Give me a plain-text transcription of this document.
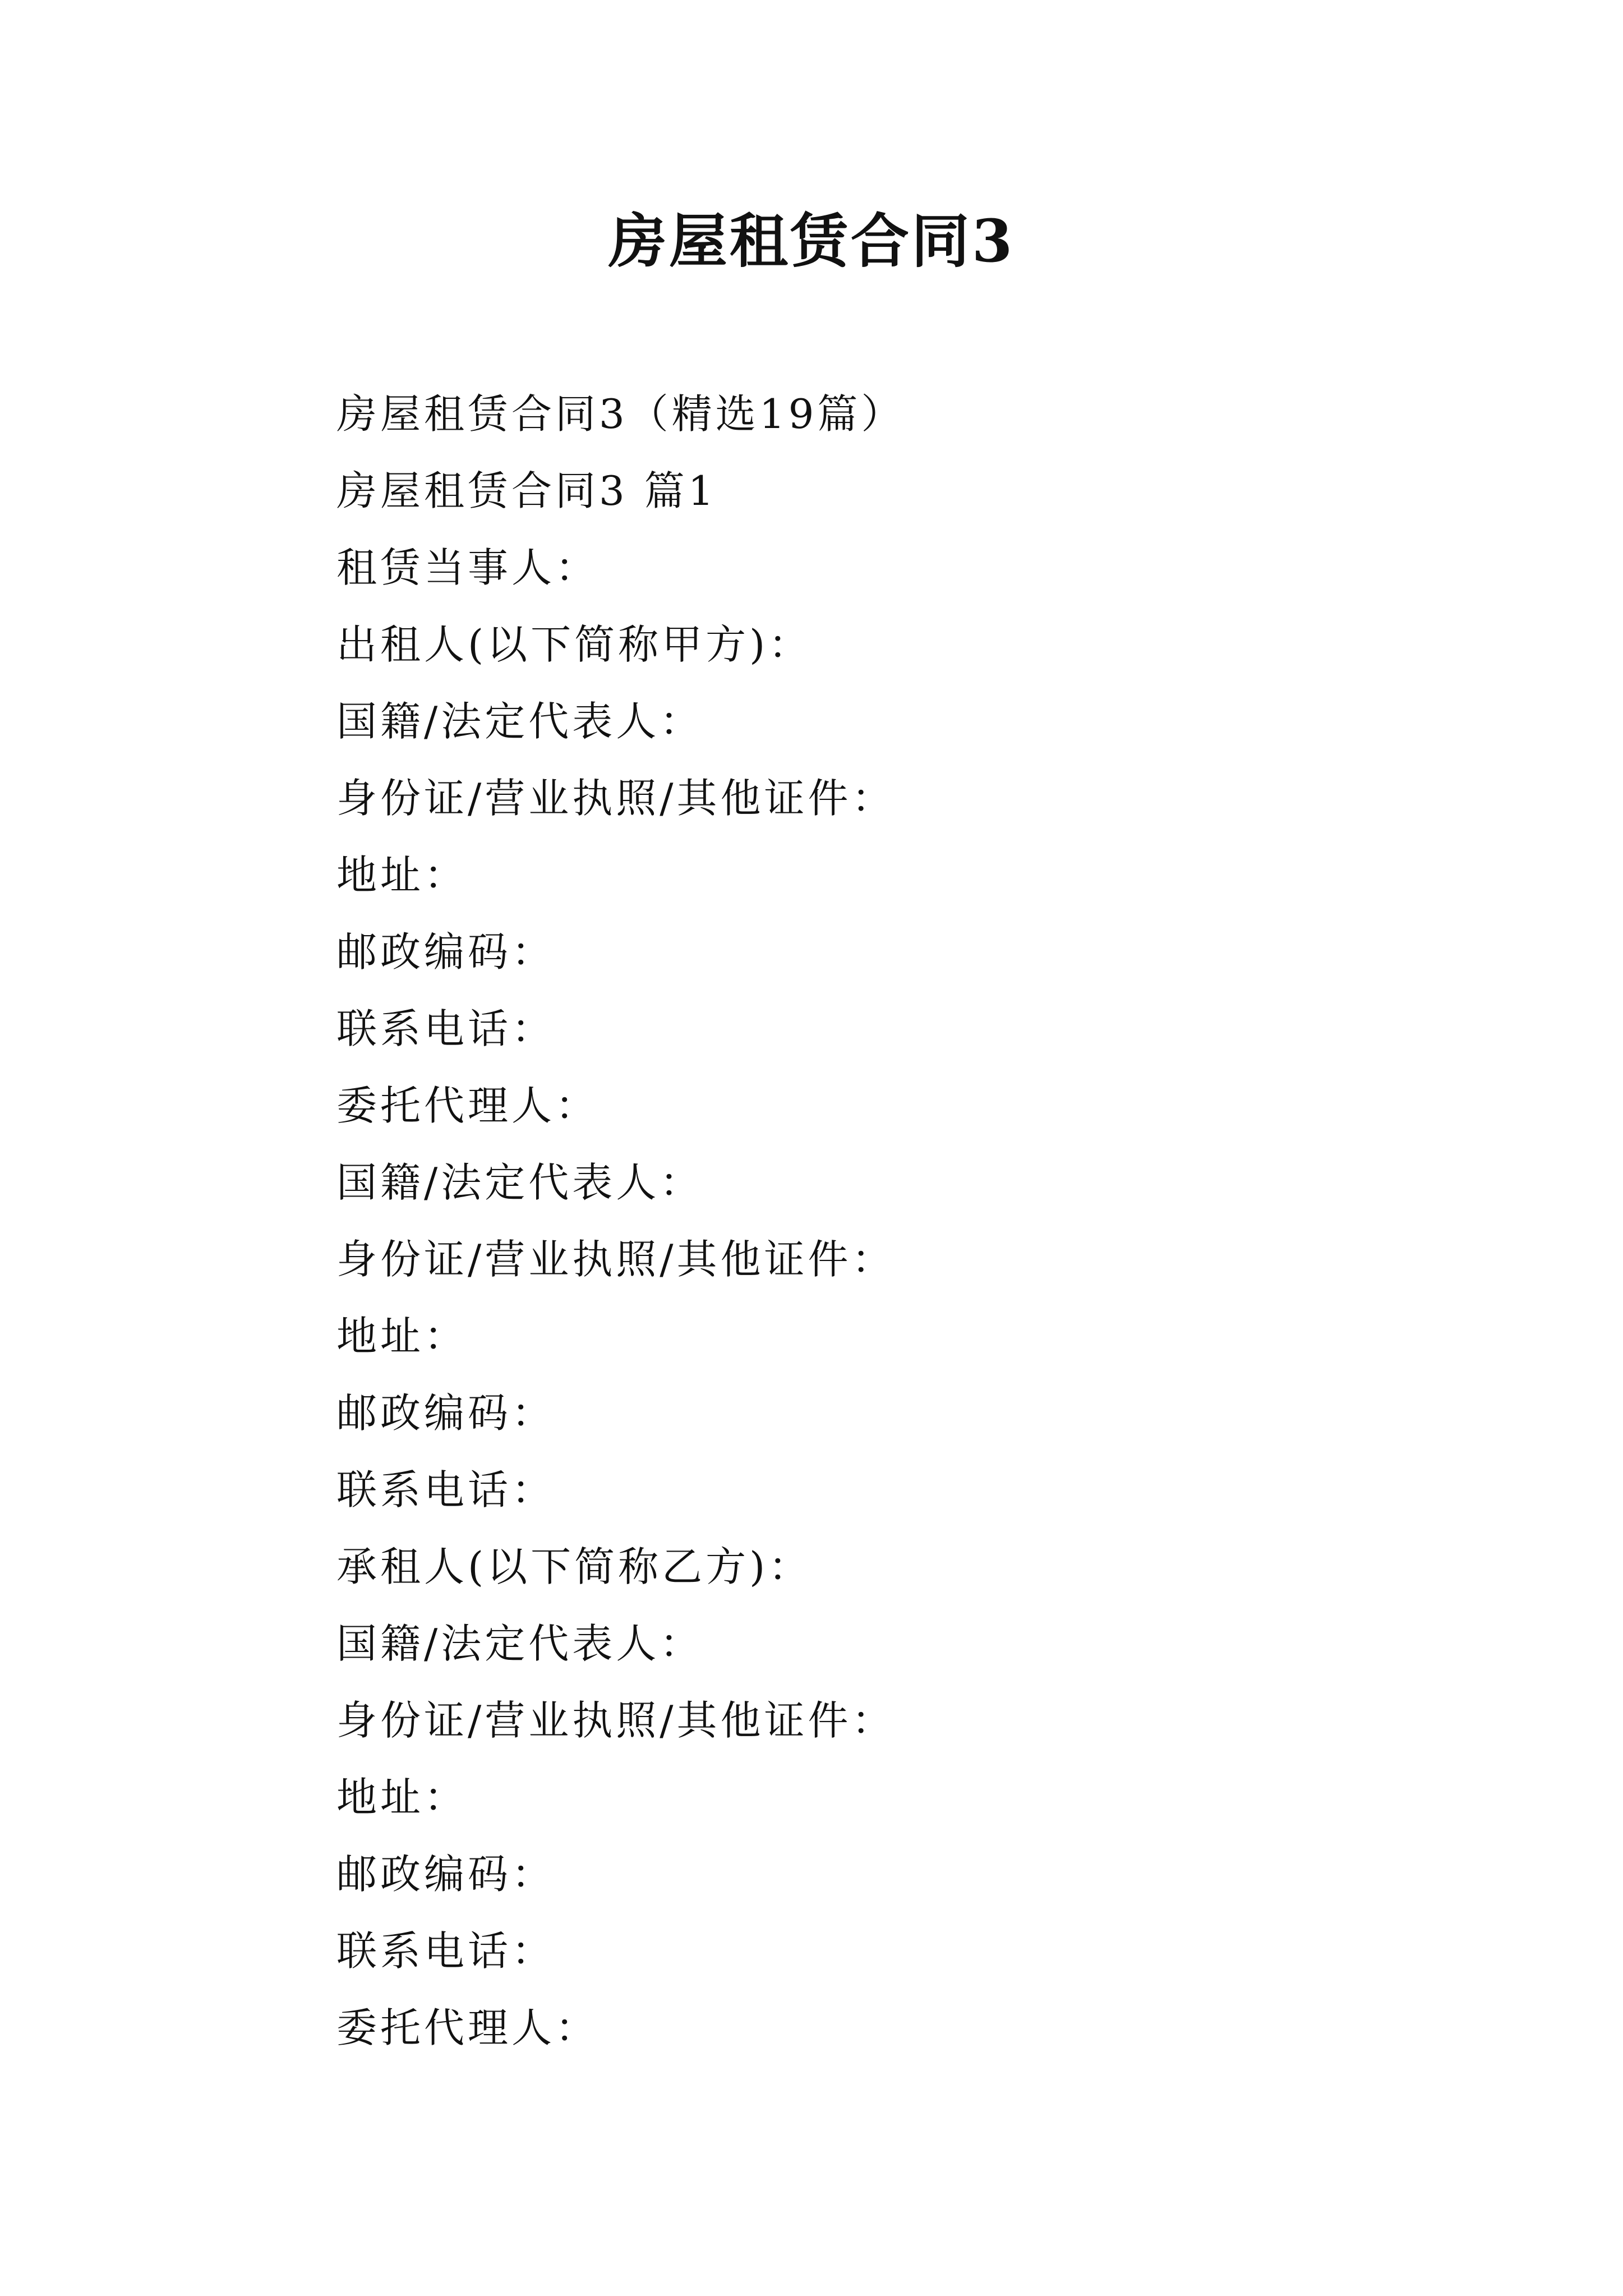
房屋租赁合同3
房屋租赁合同3（精选19篇）
房屋租赁合同3 篇1
租赁当事人：
出租人(以下简称甲方)：
国籍/法定代表人：
身份证/营业执照/其他证件：
地址：
邮政编码：
联系电话：
委托代理人：
国籍/法定代表人：
身份证/营业执照/其他证件：
地址：
邮政编码：
联系电话：
承租人(以下简称乙方)：
国籍/法定代表人：
身份证/营业执照/其他证件：
地址：
邮政编码：
联系电话：
委托代理人：
